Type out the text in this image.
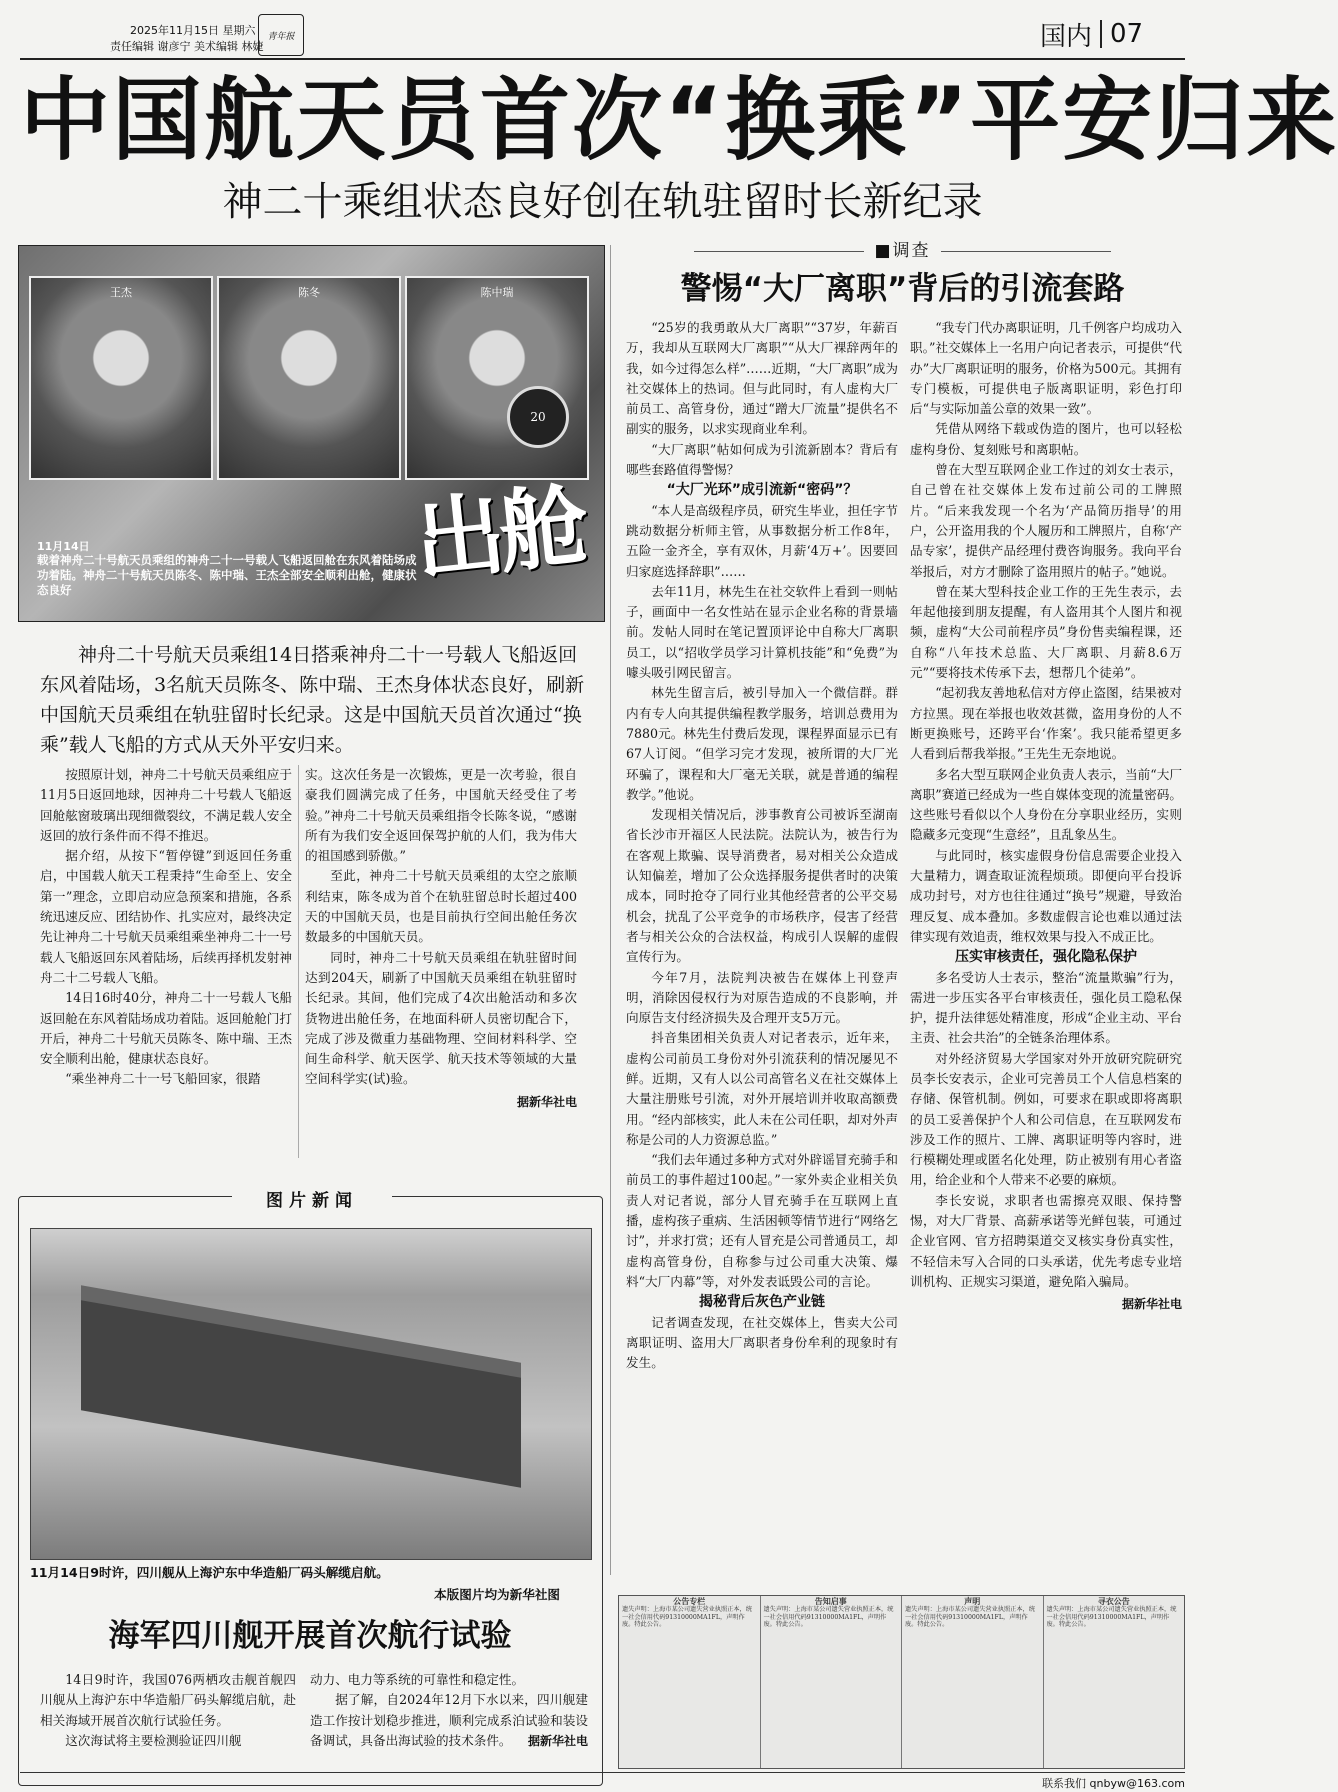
2025年11月15日 星期六
责任编辑 谢彦宁 美术编辑 林婕
青年报	国内 07
中国航天员首次“换乘”平安归来
神二十乘组状态良好创在轨驻留时长新纪录
王杰	陈冬	陈中瑞
20
出舱
11月14日
载着神舟二十号航天员乘组的神舟二十一号载人飞船返回舱在东风着陆场成功着陆。神舟二十号航天员陈冬、陈中瑞、王杰全部安全顺利出舱，健康状态良好
神舟二十号航天员乘组14日搭乘神舟二十一号载人飞船返回东风着陆场，3名航天员陈冬、陈中瑞、王杰身体状态良好，刷新中国航天员乘组在轨驻留时长纪录。这是中国航天员首次通过“换乘”载人飞船的方式从天外平安归来。

按照原计划，神舟二十号航天员乘组应于11月5日返回地球，因神舟二十号载人飞船返回舱舷窗玻璃出现细微裂纹，不满足载人安全返回的放行条件而不得不推迟。

据介绍，从按下“暂停键”到返回任务重启，中国载人航天工程秉持“生命至上、安全第一”理念，立即启动应急预案和措施，各系统迅速反应、团结协作、扎实应对，最终决定先让神舟二十号航天员乘组乘坐神舟二十一号载人飞船返回东风着陆场，后续再择机发射神舟二十二号载人飞船。

14日16时40分，神舟二十一号载人飞船返回舱在东风着陆场成功着陆。返回舱舱门打开后，神舟二十号航天员陈冬、陈中瑞、王杰安全顺利出舱，健康状态良好。

“乘坐神舟二十一号飞船回家，很踏

实。这次任务是一次锻炼，更是一次考验，很自豪我们圆满完成了任务，中国航天经受住了考验。”神舟二十号航天员乘组指令长陈冬说，“感谢所有为我们安全返回保驾护航的人们，我为伟大的祖国感到骄傲。”

至此，神舟二十号航天员乘组的太空之旅顺利结束，陈冬成为首个在轨驻留总时长超过400天的中国航天员，也是目前执行空间出舱任务次数最多的中国航天员。

同时，神舟二十号航天员乘组在轨驻留时间达到204天，刷新了中国航天员乘组在轨驻留时长纪录。其间，他们完成了4次出舱活动和多次货物进出舱任务，在地面科研人员密切配合下，完成了涉及微重力基础物理、空间材料科学、空间生命科学、航天医学、航天技术等领域的大量空间科学实(试)验。

据新华社电
图片新闻
11月14日9时许，四川舰从上海沪东中华造船厂码头解缆启航。
本版图片均为新华社图
海军四川舰开展首次航行试验

14日9时许，我国076两栖攻击舰首舰四川舰从上海沪东中华造船厂码头解缆启航，赴相关海域开展首次航行试验任务。

这次海试将主要检测验证四川舰

动力、电力等系统的可靠性和稳定性。

据了解，自2024年12月下水以来，四川舰建造工作按计划稳步推进，顺利完成系泊试验和装设备调试，具备出海试验的技术条件。	据新华社电
■调查
警惕“大厂离职”背后的引流套路

“25岁的我勇敢从大厂离职”“37岁，年薪百万，我却从互联网大厂离职”“从大厂裸辞两年的我，如今过得怎么样”……近期，“大厂离职”成为社交媒体上的热词。但与此同时，有人虚构大厂前员工、高管身份，通过“蹭大厂流量”提供名不副实的服务，以求实现商业牟利。

“大厂离职”帖如何成为引流新剧本？背后有哪些套路值得警惕？

“大厂光环”成引流新“密码”？

“本人是高级程序员，研究生毕业，担任字节跳动数据分析师主管，从事数据分析工作8年，五险一金齐全，享有双休，月薪‘4万+’。因要回归家庭选择辞职”……

去年11月，林先生在社交软件上看到一则帖子，画面中一名女性站在显示企业名称的背景墙前。发帖人同时在笔记置顶评论中自称大厂离职员工，以“招收学员学习计算机技能”和“免费”为噱头吸引网民留言。

林先生留言后，被引导加入一个微信群。群内有专人向其提供编程教学服务，培训总费用为7880元。林先生付费后发现，课程界面显示已有67人订阅。“但学习完才发现，被所谓的大厂光环骗了，课程和大厂毫无关联，就是普通的编程教学。”他说。

发现相关情况后，涉事教育公司被诉至湖南省长沙市开福区人民法院。法院认为，被告行为在客观上欺骗、误导消费者，易对相关公众造成认知偏差，增加了公众选择服务提供者时的决策成本，同时抢夺了同行业其他经营者的公平交易机会，扰乱了公平竞争的市场秩序，侵害了经营者与相关公众的合法权益，构成引人误解的虚假宣传行为。

今年7月，法院判决被告在媒体上刊登声明，消除因侵权行为对原告造成的不良影响，并向原告支付经济损失及合理开支5万元。

抖音集团相关负责人对记者表示，近年来，虚构公司前员工身份对外引流获利的情况屡见不鲜。近期，又有人以公司高管名义在社交媒体上大量注册账号引流，对外开展培训并收取高额费用。“经内部核实，此人未在公司任职，却对外声称是公司的人力资源总监。”

“我们去年通过多种方式对外辟谣冒充骑手和前员工的事件超过100起。”一家外卖企业相关负责人对记者说，部分人冒充骑手在互联网上直播，虚构孩子重病、生活困顿等情节进行“网络乞讨”，并求打赏；还有人冒充是公司普通员工，却虚构高管身份，自称参与过公司重大决策、爆料“大厂内幕”等，对外发表诋毁公司的言论。

揭秘背后灰色产业链

记者调查发现，在社交媒体上，售卖大公司离职证明、盗用大厂离职者身份牟利的现象时有发生。

“我专门代办离职证明，几千例客户均成功入职。”社交媒体上一名用户向记者表示，可提供“代办”大厂离职证明的服务，价格为500元。其拥有专门模板，可提供电子版离职证明，彩色打印后“与实际加盖公章的效果一致”。

凭借从网络下载或伪造的图片，也可以轻松虚构身份、复刻账号和离职帖。

曾在大型互联网企业工作过的刘女士表示，自己曾在社交媒体上发布过前公司的工牌照片。“后来我发现一个名为‘产品简历指导’的用户，公开盗用我的个人履历和工牌照片，自称‘产品专家’，提供产品经理付费咨询服务。我向平台举报后，对方才删除了盗用照片的帖子。”她说。

曾在某大型科技企业工作的王先生表示，去年起他接到朋友提醒，有人盗用其个人图片和视频，虚构“大公司前程序员”身份售卖编程课，还自称“八年技术总监、大厂离职、月薪8.6万元”“要将技术传承下去，想帮几个徒弟”。

“起初我友善地私信对方停止盗图，结果被对方拉黑。现在举报也收效甚微，盗用身份的人不断更换账号，还跨平台‘作案’。我只能希望更多人看到后帮我举报。”王先生无奈地说。

多名大型互联网企业负责人表示，当前“大厂离职”赛道已经成为一些自媒体变现的流量密码。这些账号看似以个人身份在分享职业经历，实则隐藏多元变现“生意经”，且乱象丛生。

与此同时，核实虚假身份信息需要企业投入大量精力，调查取证流程烦琐。即便向平台投诉成功封号，对方也往往通过“换号”规避，导致治理反复、成本叠加。多数虚假言论也难以通过法律实现有效追责，维权效果与投入不成正比。

压实审核责任，强化隐私保护

多名受访人士表示，整治“流量欺骗”行为，需进一步压实各平台审核责任，强化员工隐私保护，提升法律惩处精准度，形成“企业主动、平台主责、社会共治”的全链条治理体系。

对外经济贸易大学国家对外开放研究院研究员李长安表示，企业可完善员工个人信息档案的存储、保管机制。例如，可要求在职或即将离职的员工妥善保护个人和公司信息，在互联网发布涉及工作的照片、工牌、离职证明等内容时，进行模糊处理或匿名化处理，防止被别有用心者盗用，给企业和个人带来不必要的麻烦。

李长安说，求职者也需擦亮双眼、保持警惕，对大厂背景、高薪承诺等光鲜包装，可通过企业官网、官方招聘渠道交叉核实身份真实性，不轻信未写入合同的口头承诺，优先考虑专业培训机构、正规实习渠道，避免陷入骗局。

据新华社电
公告专栏
遗失声明：上海市某公司遗失营业执照正本，统一社会信用代码91310000MA1FL，声明作废。特此公告。
告知启事
遗失声明：上海市某公司遗失营业执照正本，统一社会信用代码91310000MA1FL，声明作废。特此公告。
声明
遗失声明：上海市某公司遗失营业执照正本，统一社会信用代码91310000MA1FL，声明作废。特此公告。
寻衣公告
遗失声明：上海市某公司遗失营业执照正本，统一社会信用代码91310000MA1FL，声明作废。特此公告。
联系我们 qnbyw@163.com
